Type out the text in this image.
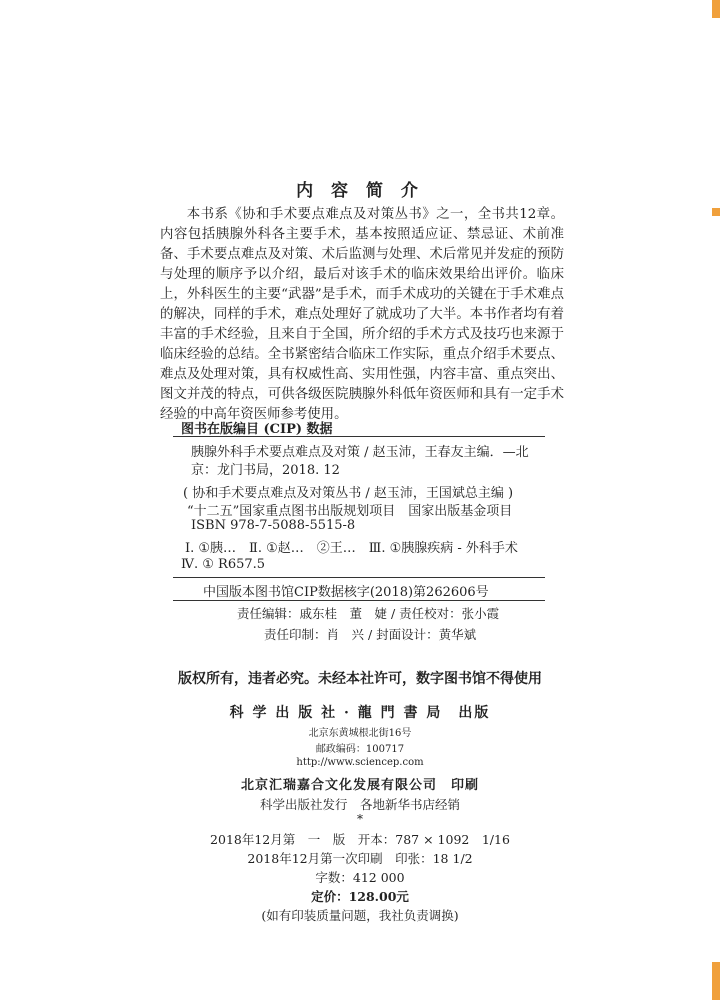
内 容 简 介

本书系《协和手术要点难点及对策丛书》之一，全书共12章。内容包括胰腺外科各主要手术，基本按照适应证、禁忌证、术前准备、手术要点难点及对策、术后监测与处理、术后常见并发症的预防与处理的顺序予以介绍，最后对该手术的临床效果给出评价。临床上，外科医生的主要“武器”是手术，而手术成功的关键在于手术难点的解决，同样的手术，难点处理好了就成功了大半。本书作者均有着丰富的手术经验，且来自于全国，所介绍的手术方式及技巧也来源于临床经验的总结。全书紧密结合临床工作实际，重点介绍手术要点、难点及处理对策，具有权威性高、实用性强，内容丰富、重点突出、图文并茂的特点，可供各级医院胰腺外科低年资医师和具有一定手术经验的中高年资医师参考使用。

图书在版编目 (CIP) 数据
胰腺外科手术要点难点及对策 / 赵玉沛，王春友主编．—北京：龙门书局，2018. 12
( 协和手术要点难点及对策丛书 / 赵玉沛，王国斌总主编 )
“十二五”国家重点图书出版规划项目　国家出版基金项目
ISBN 978-7-5088-5515-8
Ⅰ. ①胰…　Ⅱ. ①赵…　②王…　Ⅲ. ①胰腺疾病 - 外科手术
Ⅳ. ① R657.5
中国版本图书馆CIP数据核字(2018)第262606号
责任编辑：戚东桂　董　婕 / 责任校对：张小霞
责任印制：肖　兴 / 封面设计：黄华斌
版权所有，违者必究。未经本社许可，数字图书馆不得使用
科 学 出 版 社 · 龍 門 書 局　出版
北京东黄城根北街16号
邮政编码：100717
http://www.sciencep.com
北京汇瑞嘉合文化发展有限公司　印刷
科学出版社发行　各地新华书店经销
*
2018年12月第　一　版　开本：787 × 1092　1/16
2018年12月第一次印刷　印张：18 1/2
字数：412 000
定价：128.00元
(如有印装质量问题，我社负责调换)
